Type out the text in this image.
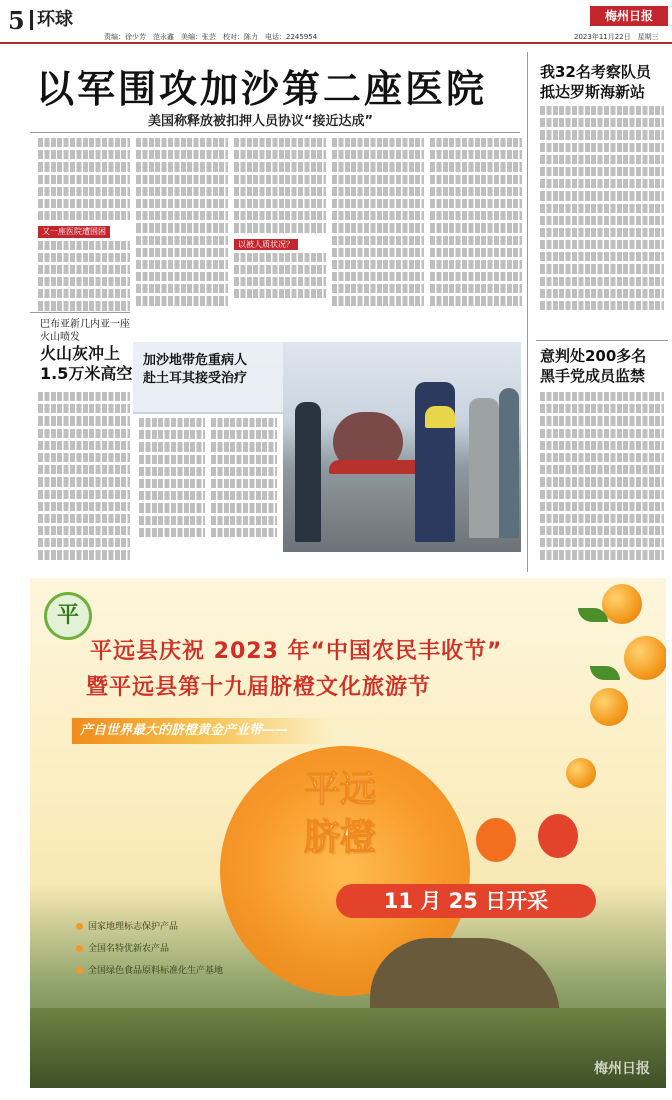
5 环球
责编：徐少芳　范永鑫　美编：张芸　校对：陈力　电话：2245954
梅州日报
2023年11月22日　星期三
以军围攻加沙第二座医院
美国称释放被扣押人员协议“接近达成”
又一座医院遭围困
以被人质状况？
巴布亚新几内亚一座
火山喷发
火山灰冲上
1.5万米高空
加沙地带危重病人
赴土耳其接受治疗
我32名考察队员
抵达罗斯海新站
意判处200多名
黑手党成员监禁
平
平远县庆祝 2023 年“中国农民丰收节”
暨平远县第十九届脐橙文化旅游节
产自世界最大的脐橙黄金产业带——
平远
脐橙
11 月 25 日开采
国家地理标志保护产品
全国名特优新农产品
全国绿色食品原料标准化生产基地
梅州日报
